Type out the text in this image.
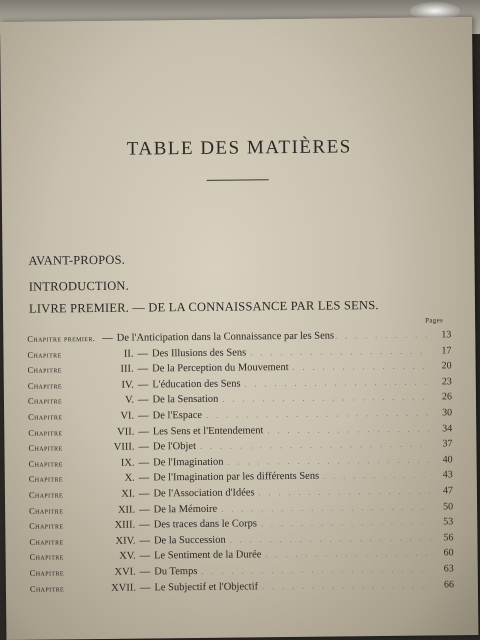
TABLE DES MATIÈRES
AVANT-PROPOS.
INTRODUCTION.
LIVRE PREMIER. — DE LA CONNAISSANCE PAR LES SENS.
Pages
Chapitre premier. — De l'Anticipation dans la Connaissance par les Sens . . .	13
Chapitre	II. — Des Illusions des Sens . . .	17
Chapitre	III. — De la Perception du Mouvement . . .	20
Chapitre	IV. — L'éducation des Sens . . .	23
Chapitre	V. — De la Sensation . . .	26
Chapitre	VI. — De l'Espace . . .	30
Chapitre	VII. — Les Sens et l'Entendement . . .	34
Chapitre	VIII. — De l'Objet . . .	37
Chapitre	IX. — De l'Imagination . . .	40
Chapitre	X. — De l'Imagination par les différents Sens . . .	43
Chapitre	XI. — De l'Association d'Idées . . .	47
Chapitre	XII. — De la Mémoire . . .	50
Chapitre	XIII. — Des traces dans le Corps . . .	53
Chapitre	XIV. — De la Succession . . .	56
Chapitre	XV. — Le Sentiment de la Durée . . .	60
Chapitre	XVI. — Du Temps . . .	63
Chapitre	XVII. — Le Subjectif et l'Objectif . . .	66
